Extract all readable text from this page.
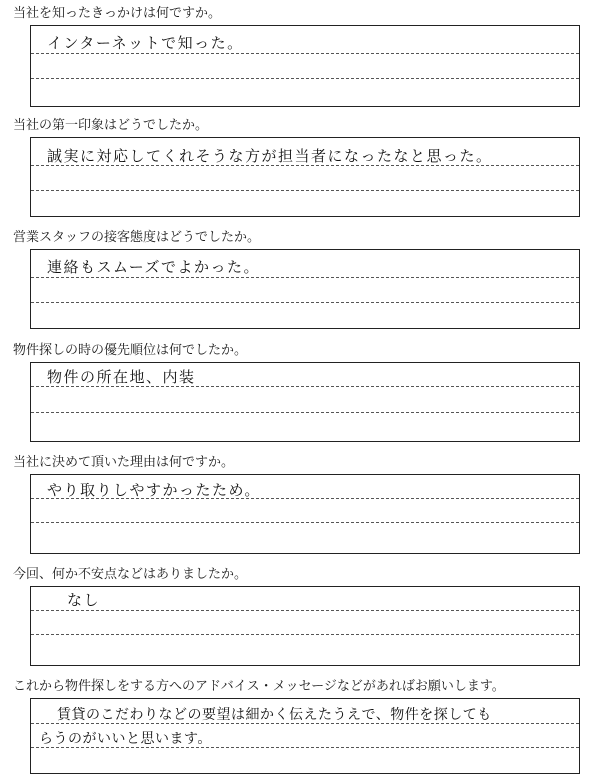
当社を知ったきっかけは何ですか。
インターネットで知った。
当社の第一印象はどうでしたか。
誠実に対応してくれそうな方が担当者になったなと思った。
営業スタッフの接客態度はどうでしたか。
連絡もスムーズでよかった。
物件探しの時の優先順位は何でしたか。
物件の所在地、内装
当社に決めて頂いた理由は何ですか。
やり取りしやすかったため。
今回、何か不安点などはありましたか。
なし
これから物件探しをする方へのアドバイス・メッセージなどがあればお願いします。
賃貸のこだわりなどの要望は細かく伝えたうえで、物件を探しても
らうのがいいと思います。
